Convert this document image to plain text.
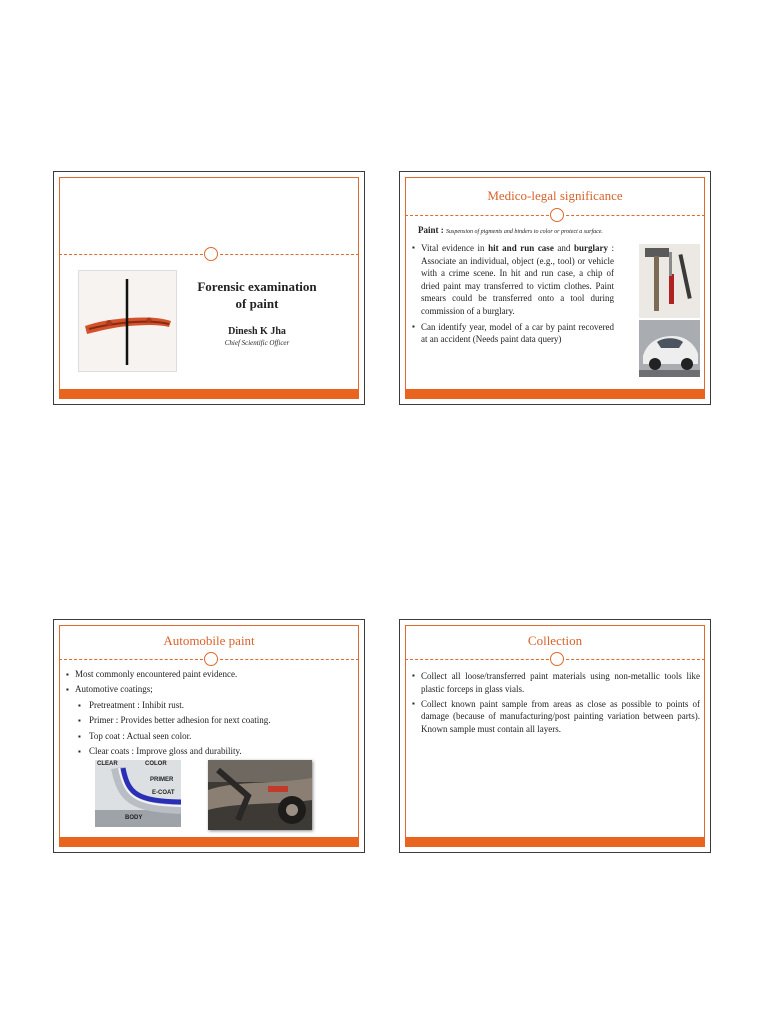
Forensic examination
of paint
Dinesh K Jha
Chief Scientific Officer
Medico-legal significance
Paint : Suspension of pigments and binders to color or protect a surface.
▪ Vital evidence in hit and run case and burglary : Associate an individual, object (e.g., tool) or vehicle with a crime scene. In hit and run case, a chip of dried paint may transferred to victim clothes. Paint smears could be transferred onto a tool during commission of a burglary.
▪ Can identify year, model of a car by paint recovered at an accident (Needs paint data query)
Automobile paint
▪ Most commonly encountered paint evidence.
▪ Automotive coatings;
▪ Pretreatment : Inhibit rust.
▪ Primer : Provides better adhesion for next coating.
▪ Top coat : Actual seen color.
▪ Clear coats : Improve gloss and durability.
CLEAR	COLOR
PRIMER
E-COAT
BODY
Collection
▪ Collect all loose/transferred paint materials using non-metallic tools like plastic forceps in glass vials.
▪ Collect known paint sample from areas as close as possible to points of damage (because of manufacturing/post painting variation between parts). Known sample must contain all layers.
